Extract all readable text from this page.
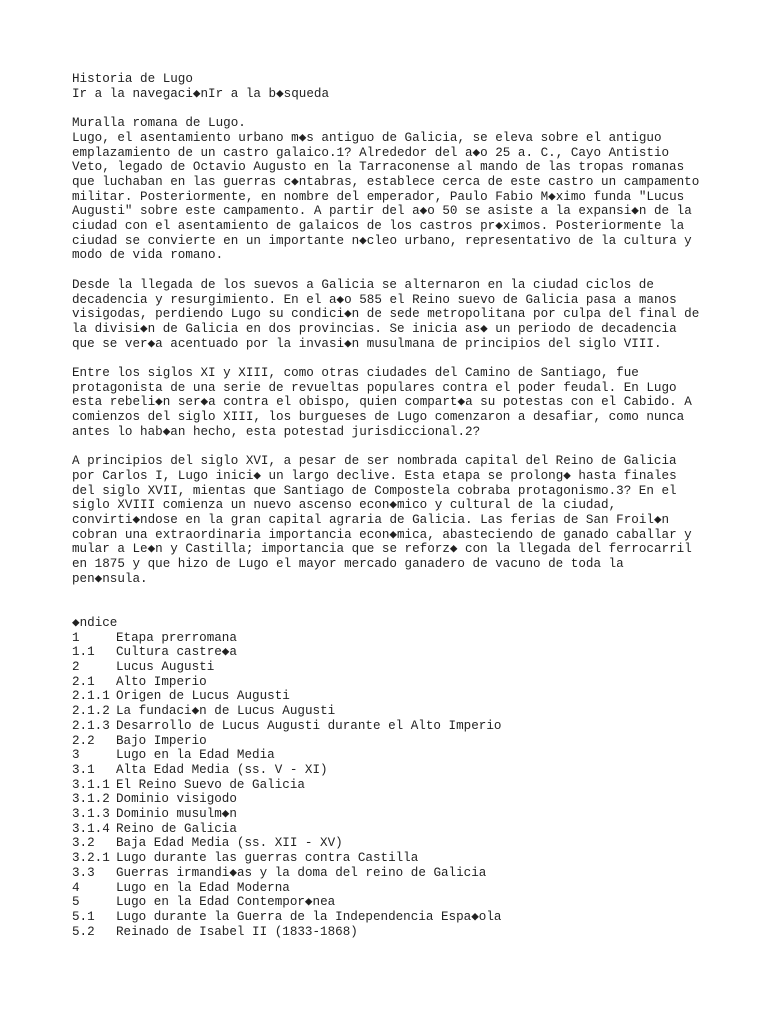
Historia de Lugo
Ir a la navegaci◆nIr a la b◆squeda
Muralla romana de Lugo.
Lugo, el asentamiento urbano m◆s antiguo de Galicia, se eleva sobre el antiguo
emplazamiento de un castro galaico.1? Alrededor del a◆o 25 a. C., Cayo Antistio
Veto, legado de Octavio Augusto en la Tarraconense al mando de las tropas romanas
que luchaban en las guerras c◆ntabras, establece cerca de este castro un campamento
militar. Posteriormente, en nombre del emperador, Paulo Fabio M◆ximo funda "Lucus
Augusti" sobre este campamento. A partir del a◆o 50 se asiste a la expansi◆n de la
ciudad con el asentamiento de galaicos de los castros pr◆ximos. Posteriormente la
ciudad se convierte en un importante n◆cleo urbano, representativo de la cultura y
modo de vida romano.
Desde la llegada de los suevos a Galicia se alternaron en la ciudad ciclos de
decadencia y resurgimiento. En el a◆o 585 el Reino suevo de Galicia pasa a manos
visigodas, perdiendo Lugo su condici◆n de sede metropolitana por culpa del final de
la divisi◆n de Galicia en dos provincias. Se inicia as◆ un periodo de decadencia
que se ver◆a acentuado por la invasi◆n musulmana de principios del siglo VIII.
Entre los siglos XI y XIII, como otras ciudades del Camino de Santiago, fue
protagonista de una serie de revueltas populares contra el poder feudal. En Lugo
esta rebeli◆n ser◆a contra el obispo, quien compart◆a su potestas con el Cabido. A
comienzos del siglo XIII, los burgueses de Lugo comenzaron a desafiar, como nunca
antes lo hab◆an hecho, esta potestad jurisdiccional.2?
A principios del siglo XVI, a pesar de ser nombrada capital del Reino de Galicia
por Carlos I, Lugo inici◆ un largo declive. Esta etapa se prolong◆ hasta finales
del siglo XVII, mientas que Santiago de Compostela cobraba protagonismo.3? En el
siglo XVIII comienza un nuevo ascenso econ◆mico y cultural de la ciudad,
convirti◆ndose en la gran capital agraria de Galicia. Las ferias de San Froil◆n
cobran una extraordinaria importancia econ◆mica, abasteciendo de ganado caballar y
mular a Le◆n y Castilla; importancia que se reforz◆ con la llegada del ferrocarril
en 1875 y que hizo de Lugo el mayor mercado ganadero de vacuno de toda la
pen◆nsula.
◆ndice
1	Etapa prerromana
1.1	Cultura castre◆a
2	Lucus Augusti
2.1	Alto Imperio
2.1.1 Origen de Lucus Augusti
2.1.2 La fundaci◆n de Lucus Augusti
2.1.3 Desarrollo de Lucus Augusti durante el Alto Imperio
2.2	Bajo Imperio
3	Lugo en la Edad Media
3.1	Alta Edad Media (ss. V - XI)
3.1.1 El Reino Suevo de Galicia
3.1.2 Dominio visigodo
3.1.3 Dominio musulm◆n
3.1.4 Reino de Galicia
3.2	Baja Edad Media (ss. XII - XV)
3.2.1 Lugo durante las guerras contra Castilla
3.3	Guerras irmandi◆as y la doma del reino de Galicia
4	Lugo en la Edad Moderna
5	Lugo en la Edad Contempor◆nea
5.1	Lugo durante la Guerra de la Independencia Espa◆ola
5.2	Reinado de Isabel II (1833-1868)
